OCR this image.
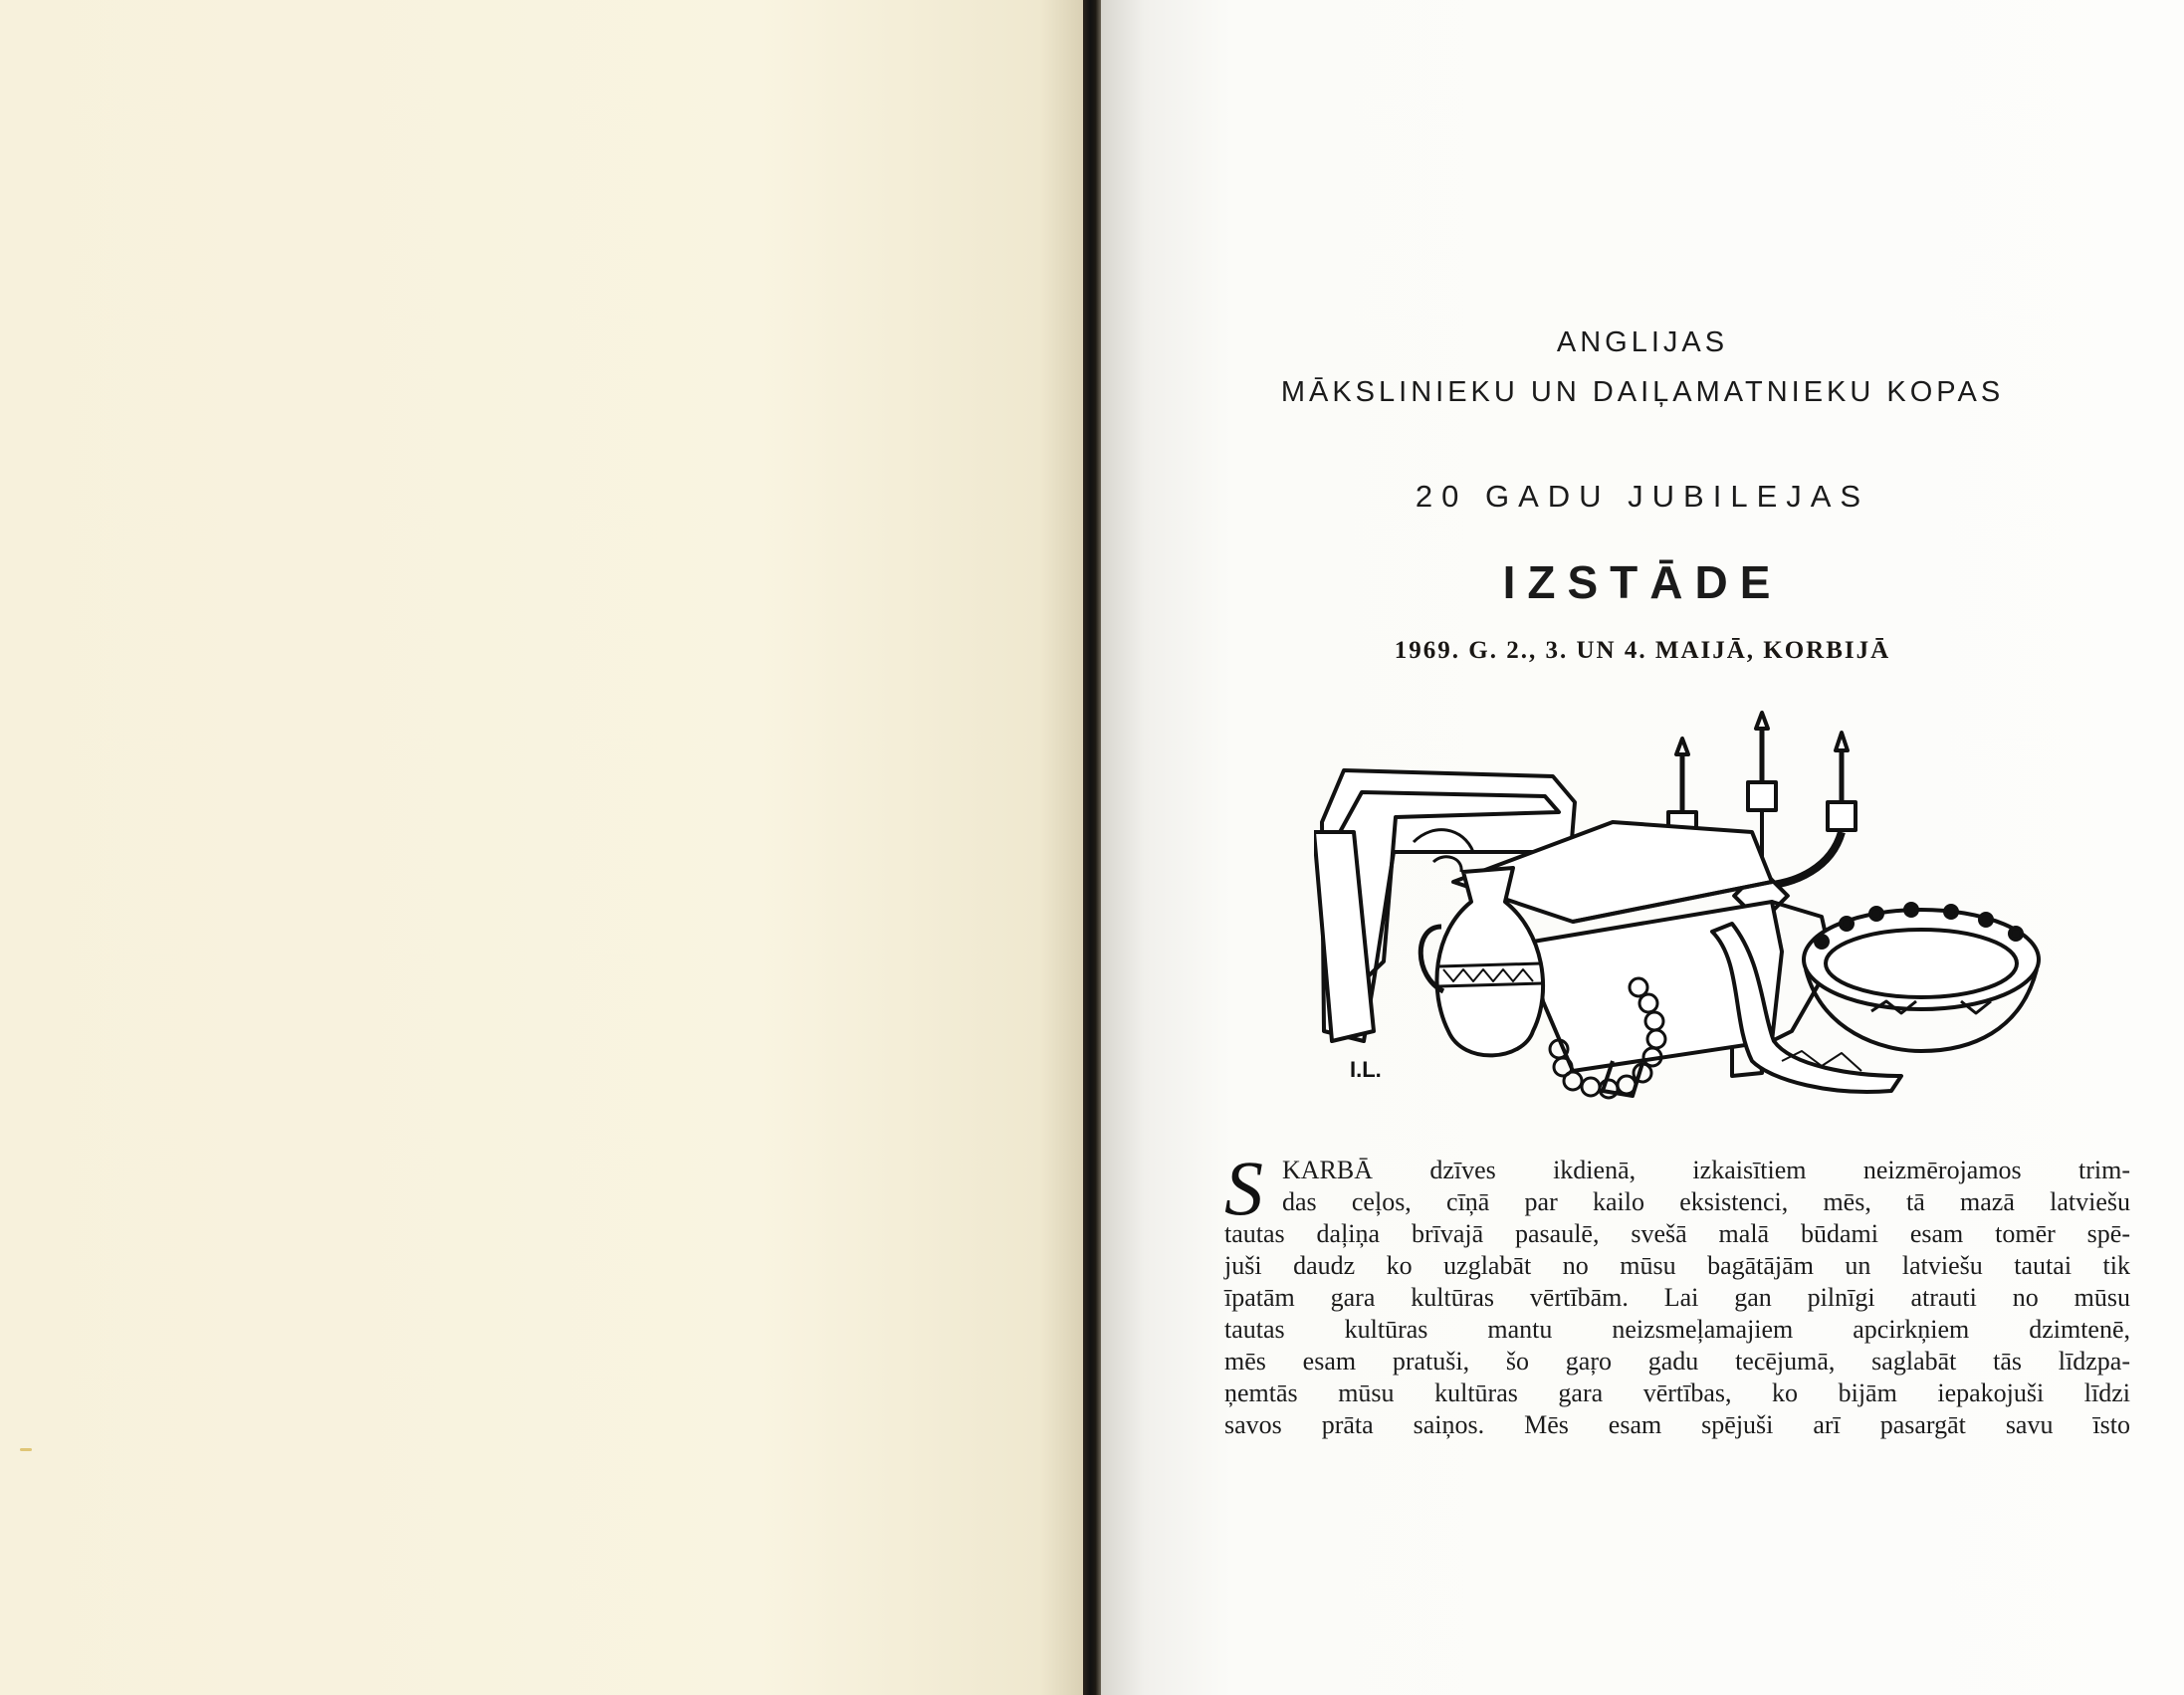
ANGLIJAS
MĀKSLINIEKU UN DAIĻAMATNIEKU KOPAS
20 GADU JUBILEJAS
IZSTĀDE
1969. G. 2., 3. UN 4. MAIJĀ, KORBIJĀ
I.L.
S KARBĀ dzīves ikdienā, izkaisītiem neizmērojamos trim-
das ceļos, cīņā par kailo eksistenci, mēs, tā mazā latviešu
tautas daļiņa brīvajā pasaulē, svešā malā būdami esam tomēr spē-
juši daudz ko uzglabāt no mūsu bagātājām un latviešu tautai tik
īpatām gara kultūras vērtībām. Lai gan pilnīgi atrauti no mūsu
tautas kultūras mantu neizsmeļamajiem apcirkņiem dzimtenē,
mēs esam pratuši, šo gaŗo gadu tecējumā, saglabāt tās līdzpa-
ņemtās mūsu kultūras gara vērtības, ko bijām iepakojuši līdzi
savos prāta saiņos. Mēs esam spējuši arī pasargāt savu īsto
